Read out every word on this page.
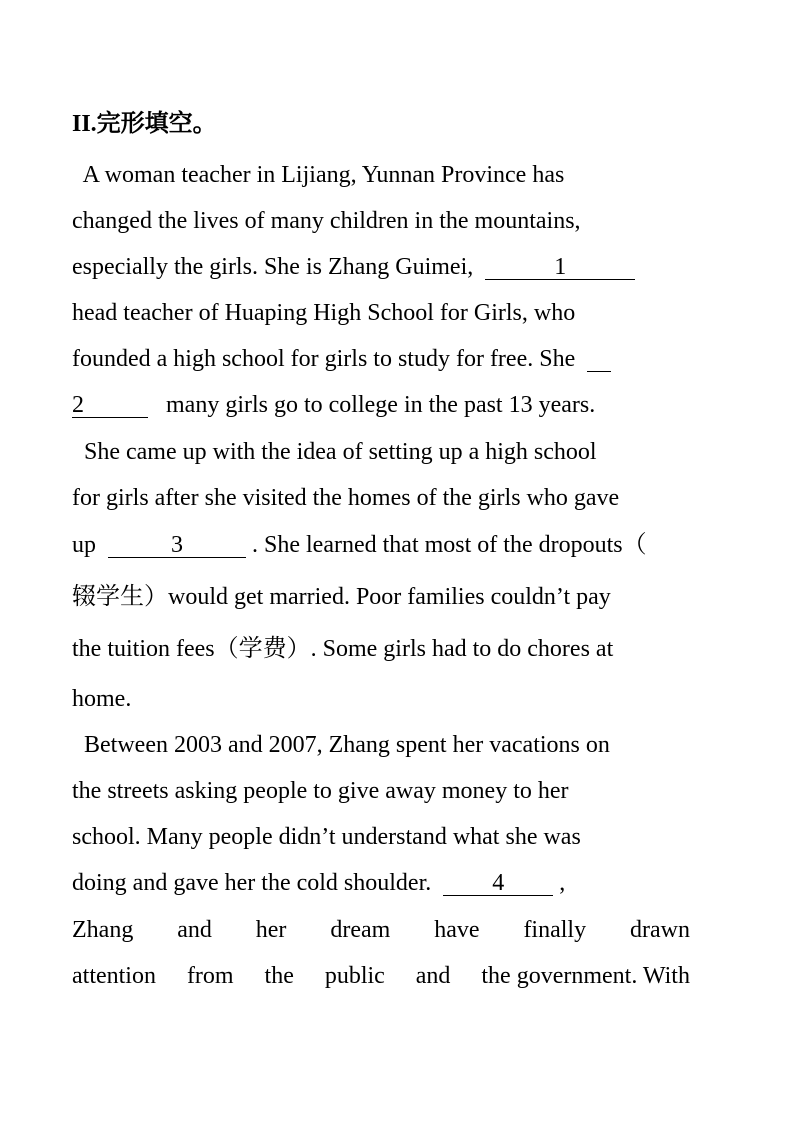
II.完形填空。
A woman teacher in Lijiang, Yunnan Province has
changed the lives of many children in the mountains,
especially the girls. She is Zhang Guimei,	1
head teacher of Huaping High School for Girls, who
founded a high school for girls to study for free. She
2	many girls go to college in the past 13 years.
She came up with the idea of setting up a high school
for girls after she visited the homes of the girls who gave
up	3	. She learned that most of the dropouts（
辍学生）would get married. Poor families couldn’t pay
the tuition fees（学费）. Some girls had to do chores at
home.
Between 2003 and 2007, Zhang spent her vacations on
the streets asking people to give away money to her
school. Many people didn’t understand what she was
doing and gave her the cold shoulder.	4 ,
Zhang and her dream have finally drawn
attention from the public and the government. With
